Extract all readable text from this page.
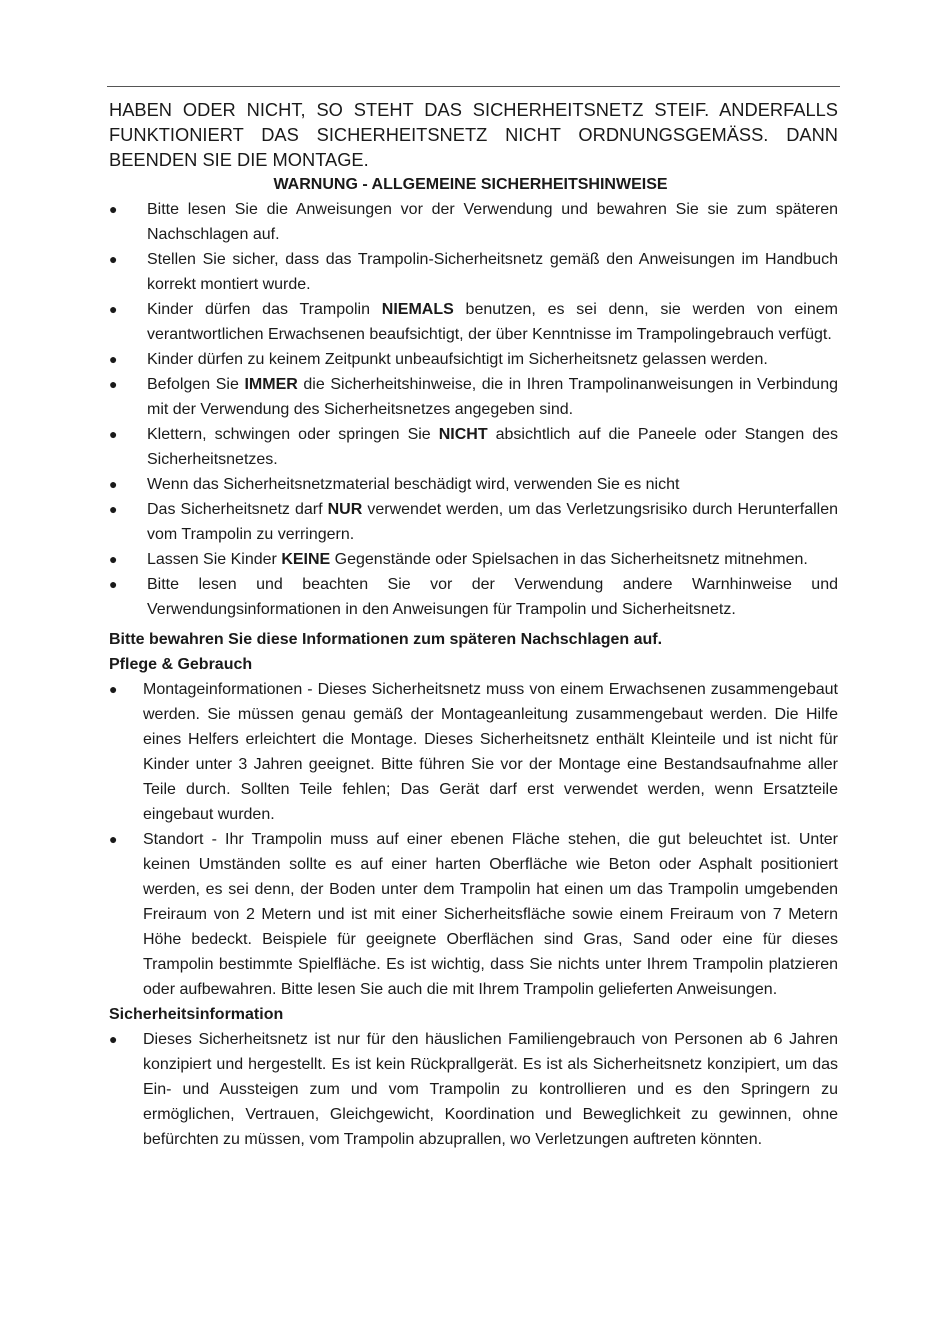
HABEN ODER NICHT, SO STEHT DAS SICHERHEITSNETZ STEIF. ANDERFALLS FUNKTIONIERT DAS SICHERHEITSNETZ NICHT ORDNUNGSGEMÄSS. DANN BEENDEN SIE DIE MONTAGE.

WARNUNG - ALLGEMEINE SICHERHEITSHINWEISE

● Bitte lesen Sie die Anweisungen vor der Verwendung und bewahren Sie sie zum späteren Nachschlagen auf.
● Stellen Sie sicher, dass das Trampolin-Sicherheitsnetz gemäß den Anweisungen im Handbuch korrekt montiert wurde.
● Kinder dürfen das Trampolin NIEMALS benutzen, es sei denn, sie werden von einem verantwortlichen Erwachsenen beaufsichtigt, der über Kenntnisse im Trampolingebrauch verfügt.
● Kinder dürfen zu keinem Zeitpunkt unbeaufsichtigt im Sicherheitsnetz gelassen werden.
● Befolgen Sie IMMER die Sicherheitshinweise, die in Ihren Trampolinanweisungen in Verbindung mit der Verwendung des Sicherheitsnetzes angegeben sind.
● Klettern, schwingen oder springen Sie NICHT absichtlich auf die Paneele oder Stangen des Sicherheitsnetzes.
● Wenn das Sicherheitsnetzmaterial beschädigt wird, verwenden Sie es nicht
● Das Sicherheitsnetz darf NUR verwendet werden, um das Verletzungsrisiko durch Herunterfallen vom Trampolin zu verringern.
● Lassen Sie Kinder KEINE Gegenstände oder Spielsachen in das Sicherheitsnetz mitnehmen.
● Bitte lesen und beachten Sie vor der Verwendung andere Warnhinweise und Verwendungsinformationen in den Anweisungen für Trampolin und Sicherheitsnetz.

Bitte bewahren Sie diese Informationen zum späteren Nachschlagen auf.

Pflege & Gebrauch

● Montageinformationen - Dieses Sicherheitsnetz muss von einem Erwachsenen zusammengebaut werden. Sie müssen genau gemäß der Montageanleitung zusammengebaut werden. Die Hilfe eines Helfers erleichtert die Montage. Dieses Sicherheitsnetz enthält Kleinteile und ist nicht für Kinder unter 3 Jahren geeignet. Bitte führen Sie vor der Montage eine Bestandsaufnahme aller Teile durch. Sollten Teile fehlen; Das Gerät darf erst verwendet werden, wenn Ersatzteile eingebaut wurden.
● Standort - Ihr Trampolin muss auf einer ebenen Fläche stehen, die gut beleuchtet ist. Unter keinen Umständen sollte es auf einer harten Oberfläche wie Beton oder Asphalt positioniert werden, es sei denn, der Boden unter dem Trampolin hat einen um das Trampolin umgebenden Freiraum von 2 Metern und ist mit einer Sicherheitsfläche sowie einem Freiraum von 7 Metern Höhe bedeckt. Beispiele für geeignete Oberflächen sind Gras, Sand oder eine für dieses Trampolin bestimmte Spielfläche. Es ist wichtig, dass Sie nichts unter Ihrem Trampolin platzieren oder aufbewahren. Bitte lesen Sie auch die mit Ihrem Trampolin gelieferten Anweisungen.

Sicherheitsinformation

● Dieses Sicherheitsnetz ist nur für den häuslichen Familiengebrauch von Personen ab 6 Jahren konzipiert und hergestellt. Es ist kein Rückprallgerät. Es ist als Sicherheitsnetz konzipiert, um das Ein- und Aussteigen zum und vom Trampolin zu kontrollieren und es den Springern zu ermöglichen, Vertrauen, Gleichgewicht, Koordination und Beweglichkeit zu gewinnen, ohne befürchten zu müssen, vom Trampolin abzuprallen, wo Verletzungen auftreten könnten.
